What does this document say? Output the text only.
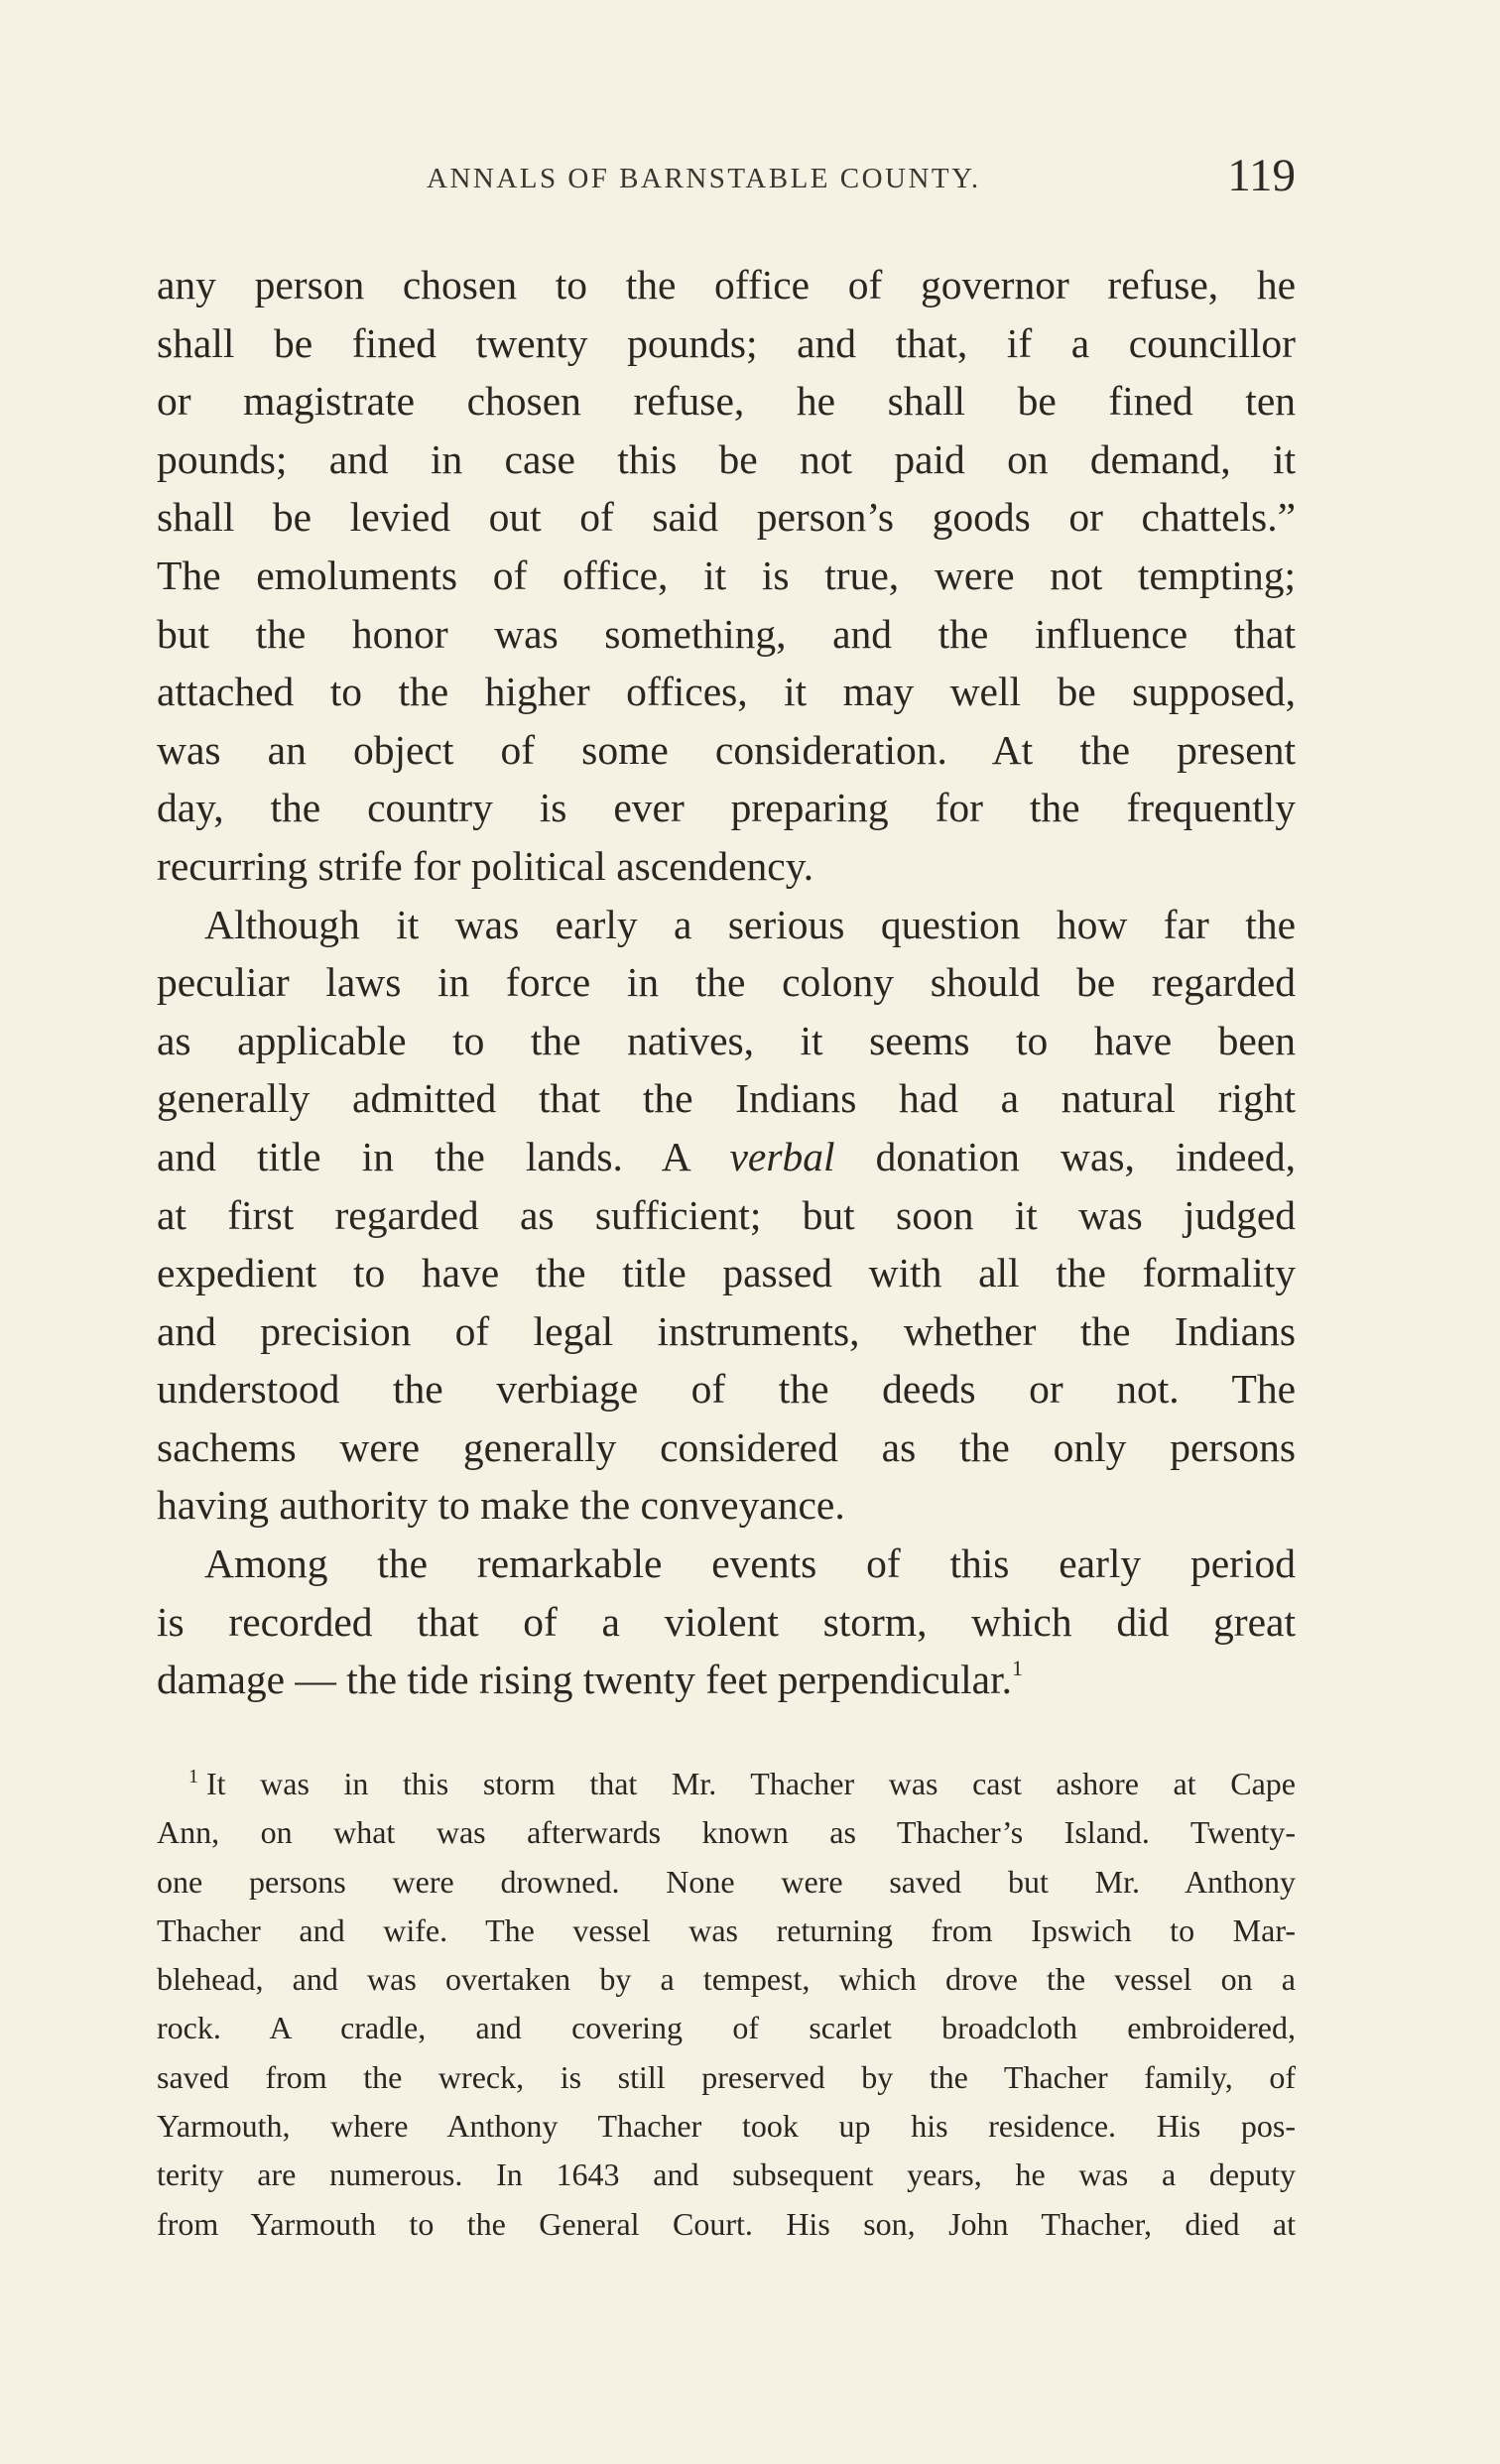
ANNALS OF BARNSTABLE COUNTY.	119
any person chosen to the office of governor refuse, he
shall be fined twenty pounds; and that, if a councillor
or magistrate chosen refuse, he shall be fined ten
pounds; and in case this be not paid on demand, it
shall be levied out of said person’s goods or chattels.”
The emoluments of office, it is true, were not tempting;
but the honor was something, and the influence that
attached to the higher offices, it may well be supposed,
was an object of some consideration. At the present
day, the country is ever preparing for the frequently
recurring strife for political ascendency.
Although it was early a serious question how far the
peculiar laws in force in the colony should be regarded
as applicable to the natives, it seems to have been
generally admitted that the Indians had a natural right
and title in the lands. A verbal donation was, indeed,
at first regarded as sufficient; but soon it was judged
expedient to have the title passed with all the formality
and precision of legal instruments, whether the Indians
understood the verbiage of the deeds or not. The
sachems were generally considered as the only persons
having authority to make the conveyance.
Among the remarkable events of this early period
is recorded that of a violent storm, which did great
damage — the tide rising twenty feet perpendicular.$^1$
$^1$ It was in this storm that Mr. Thacher was cast ashore at Cape
Ann, on what was afterwards known as Thacher’s Island. Twenty-
one persons were drowned. None were saved but Mr. Anthony
Thacher and wife. The vessel was returning from Ipswich to Mar-
blehead, and was overtaken by a tempest, which drove the vessel on a
rock. A cradle, and covering of scarlet broadcloth embroidered,
saved from the wreck, is still preserved by the Thacher family, of
Yarmouth, where Anthony Thacher took up his residence. His pos-
terity are numerous. In 1643 and subsequent years, he was a deputy
from Yarmouth to the General Court. His son, John Thacher, died at
